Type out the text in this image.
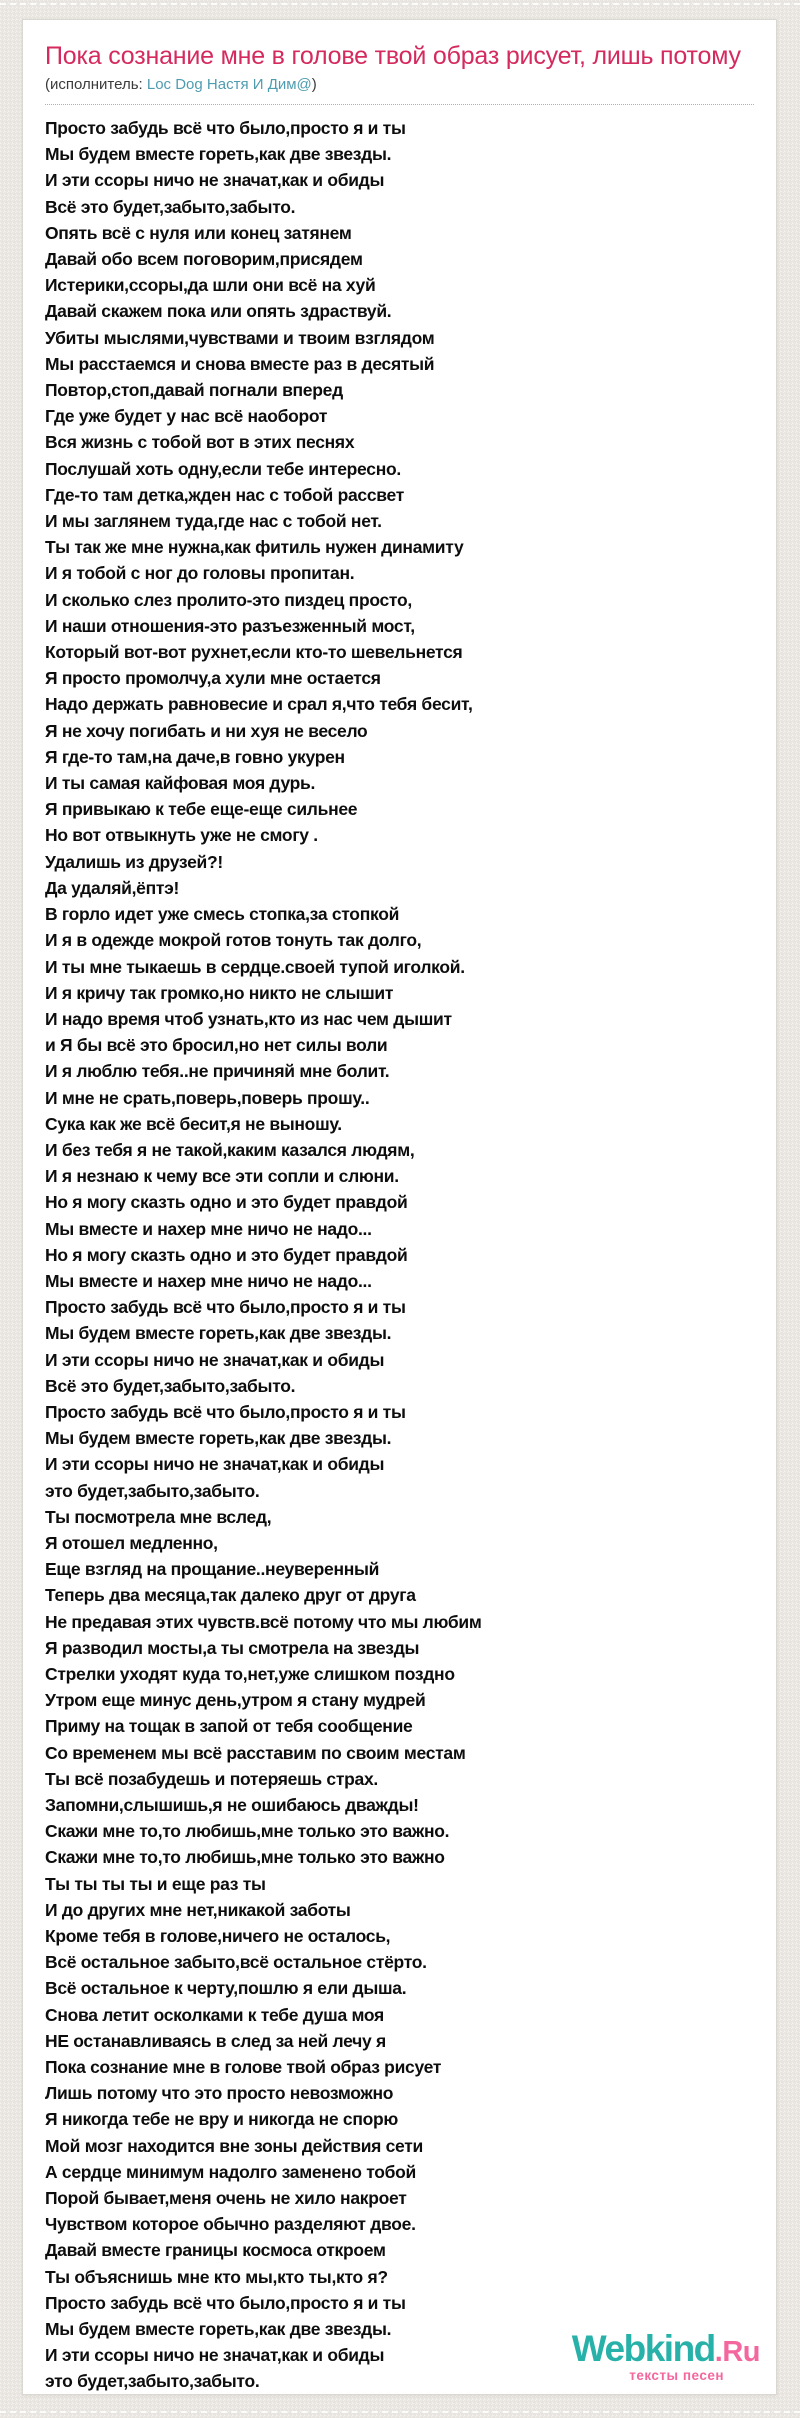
Пока сознание мне в голове твой образ рисует, лишь потому
(исполнитель: Loc Dog Настя И Дим@)
Просто забудь всё что было,просто я и ты
Мы будем вместе гореть,как две звезды.
И эти ссоры ничо не значат,как и обиды
Всё это будет,забыто,забыто.
Опять всё с нуля или конец затянем
Давай обо всем поговорим,присядем
Истерики,ссоры,да шли они всё на хуй
Давай скажем пока или опять здраствуй.
Убиты мыслями,чувствами и твоим взглядом
Мы расстаемся и снова вместе раз в десятый
Повтор,стоп,давай погнали вперед
Где уже будет у нас всё наоборот
Вся жизнь с тобой вот в этих песнях
Послушай хоть одну,если тебе интересно.
Где-то там детка,жден нас с тобой рассвет
И мы заглянем туда,где нас с тобой нет.
Ты так же мне нужна,как фитиль нужен динамиту
И я тобой с ног до головы пропитан.
И сколько слез пролито-это пиздец просто,
И наши отношения-это разъезженный мост,
Который вот-вот рухнет,если кто-то шевельнется
Я просто промолчу,а хули мне остается
Надо держать равновесие и срал я,что тебя бесит,
Я не хочу погибать и ни хуя не весело
Я где-то там,на даче,в говно укурен
И ты самая кайфовая моя дурь.
Я привыкаю к тебе еще-еще сильнее
Но вот отвыкнуть уже не смогу .
Удалишь из друзей?!
Да удаляй,ёптэ!
В горло идет уже смесь стопка,за стопкой
И я в одежде мокрой готов тонуть так долго,
И ты мне тыкаешь в сердце.своей тупой иголкой.
И я кричу так громко,но никто не слышит
И надо время чтоб узнать,кто из нас чем дышит
и Я бы всё это бросил,но нет силы воли
И я люблю тебя..не причиняй мне болит.
И мне не срать,поверь,поверь прошу..
Сука как же всё бесит,я не выношу.
И без тебя я не такой,каким казался людям,
И я незнаю к чему все эти сопли и слюни.
Но я могу сказть одно и это будет правдой
Мы вместе и нахер мне ничо не надо...
Но я могу сказть одно и это будет правдой
Мы вместе и нахер мне ничо не надо...
Просто забудь всё что было,просто я и ты
Мы будем вместе гореть,как две звезды.
И эти ссоры ничо не значат,как и обиды
Всё это будет,забыто,забыто.
Просто забудь всё что было,просто я и ты
Мы будем вместе гореть,как две звезды.
И эти ссоры ничо не значат,как и обиды
это будет,забыто,забыто.
Ты посмотрела мне вслед,
Я отошел медленно,
Еще взгляд на прощание..неуверенный
Теперь два месяца,так далеко друг от друга
Не предавая этих чувств.всё потому что мы любим
Я разводил мосты,а ты смотрела на звезды
Стрелки уходят куда то,нет,уже слишком поздно
Утром еще минус день,утром я стану мудрей
Приму на тощак в запой от тебя сообщение
Со временем мы всё расставим по своим местам
Ты всё позабудешь и потеряешь страх.
Запомни,слышишь,я не ошибаюсь дважды!
Скажи мне то,то любишь,мне только это важно.
Скажи мне то,то любишь,мне только это важно
Ты ты ты ты и еще раз ты
И до других мне нет,никакой заботы
Кроме тебя в голове,ничего не осталось,
Всё остальное забыто,всё остальное стёрто.
Всё остальное к черту,пошлю я ели дыша.
Снова летит осколками к тебе душа моя
НЕ останавливаясь в след за ней лечу я
Пока сознание мне в голове твой образ рисует
Лишь потому что это просто невозможно
Я никогда тебе не вру и никогда не спорю
Мой мозг находится вне зоны действия сети
А сердце минимум надолго заменено тобой
Порой бывает,меня очень не хило накроет
Чувством которое обычно разделяют двое.
Давай вместе границы космоса откроем
Ты объяснишь мне кто мы,кто ты,кто я?
Просто забудь всё что было,просто я и ты
Мы будем вместе гореть,как две звезды.
И эти ссоры ничо не значат,как и обиды
это будет,забыто,забыто.
Webkind.Ru
тексты песен
